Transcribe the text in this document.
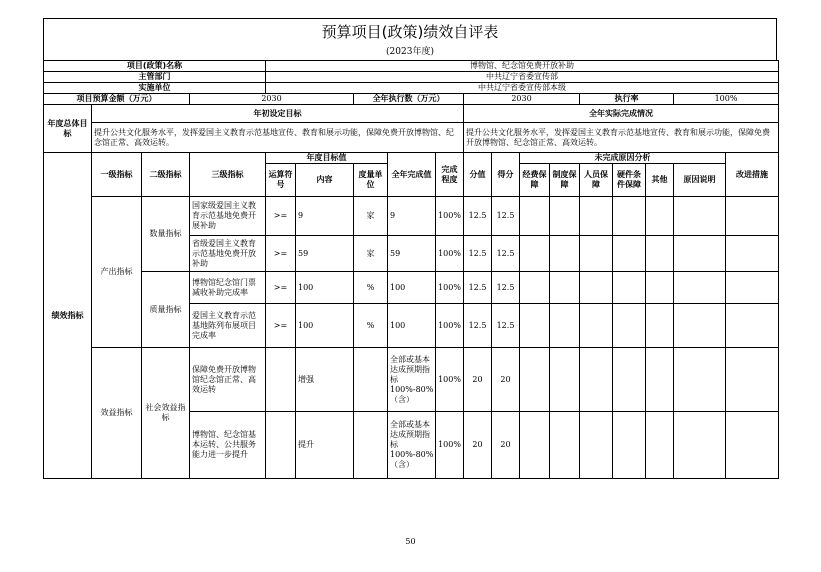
预算项目(政策)绩效自评表
(2023年度)
项目(政策)名称				博物馆、纪念馆免费开放补助													
主管部门				中共辽宁省委宣传部													
实施单位				中共辽宁省委宣传部本级													
项目预算金额（万元）			2030			全年执行数（万元）			2030				执行率			100%	
年度总体目标	年初设定目标								全年实际完成情况								
	提升公共文化服务水平，发挥爱国主义教育示范基地宣传、教育和展示功能，保障免费开放博物馆、纪念馆正常、高效运转。								提升公共文化服务水平，发挥爱国主义教育示范基地宣传、教育和展示功能，保障免费开放博物馆、纪念馆正常、高效运转。								
绩效指标	一级指标	二级指标	三级指标	年度目标值			全年完成值	完成程度	分值	得分	未完成原因分析						改进措施
				运算符号	内容	度量单位					经费保障	制度保障	人员保障	硬件条件保障	其他	原因说明	
	产出指标	数量指标	国家级爱国主义教育示范基地免费开展补助	>=	9	家	9	100%	12.5	12.5							
			省级爱国主义教育示范基地免费开放补助	>=	59	家	59	100%	12.5	12.5							
		质量指标	博物馆纪念馆门票减收补助完成率	>=	100	%	100	100%	12.5	12.5							
			爱国主义教育示范基地陈列布展项目完成率	>=	100	%	100	100%	12.5	12.5							
	效益指标	社会效益指标	保障免费开放博物馆纪念馆正常、高效运转		增强		全部或基本达成预期指标100%-80%（含）	100%	20	20							
			博物馆、纪念馆基本运转、公共服务能力进一步提升		提升		全部或基本达成预期指标100%-80%（含）	100%	20	20							
50
